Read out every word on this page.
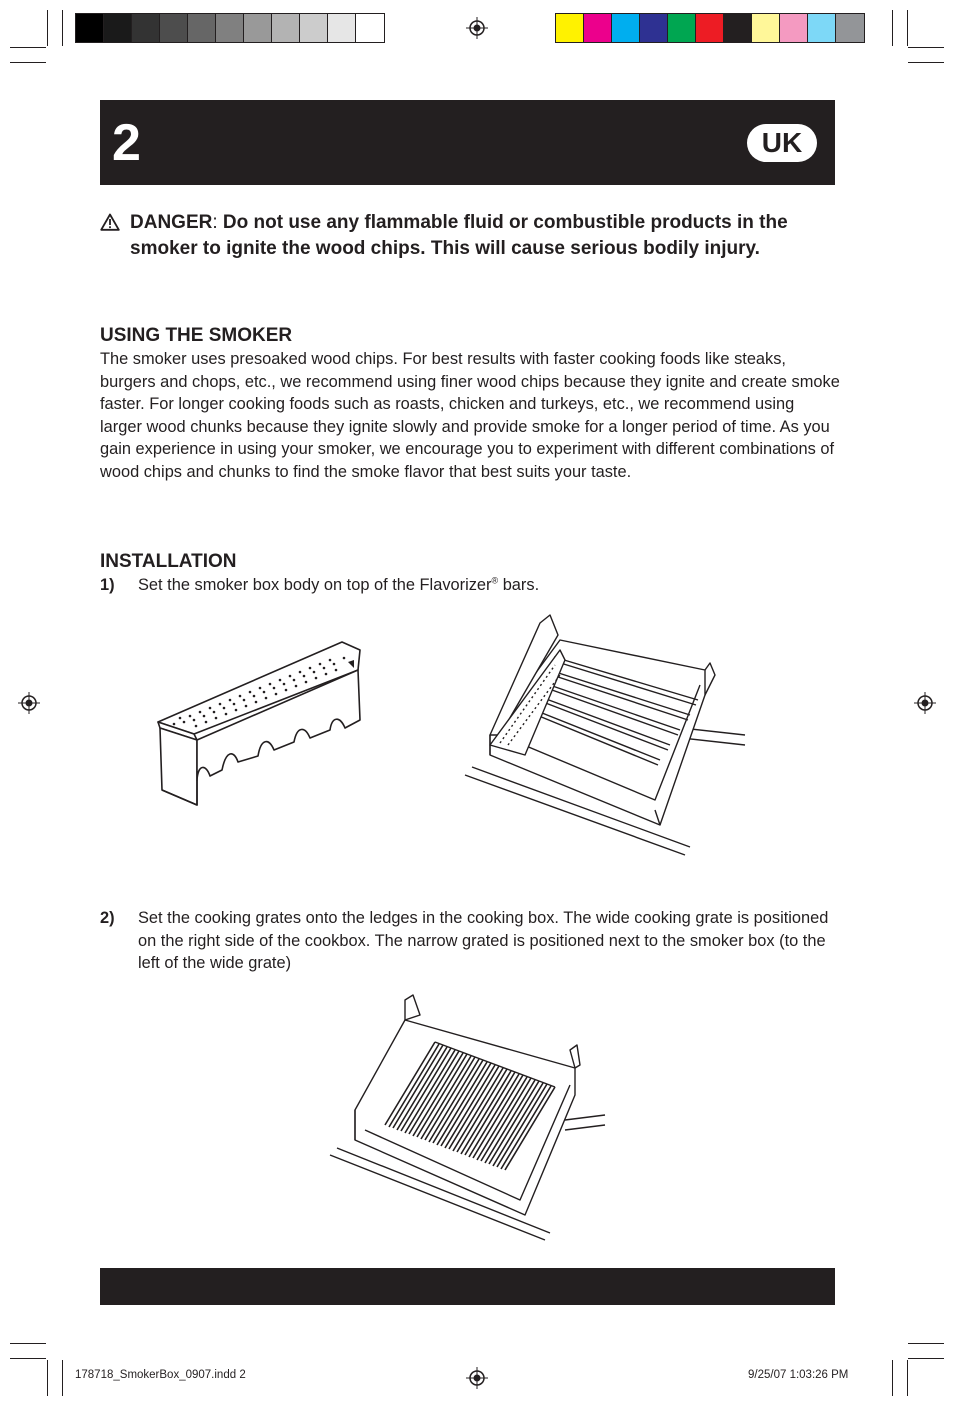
2	UK
DANGER: Do not use any flammable fluid or combustible products in the smoker to ignite the wood chips. This will cause serious bodily injury.
USING THE SMOKER

The smoker uses presoaked wood chips. For best results with faster cooking foods like steaks, burgers and chops, etc., we recommend using finer wood chips because they ignite and create smoke faster. For longer cooking foods such as roasts, chicken and turkeys, etc., we recommend using larger wood chunks because they ignite slowly and provide smoke for a longer period of time. As you gain experience in using your smoker, we encourage you to experiment with different combinations of wood chips and chunks to find the smoke flavor that best suits your taste.

INSTALLATION
1) Set the smoker box body on top of the Flavorizer® bars.
2) Set the cooking grates onto the ledges in the cooking box. The wide cooking grate is positioned on the right side of the cookbox. The narrow grated is positioned next to the smoker box (to the left of the wide grate)
178718_SmokerBox_0907.indd 2	9/25/07 1:03:26 PM
